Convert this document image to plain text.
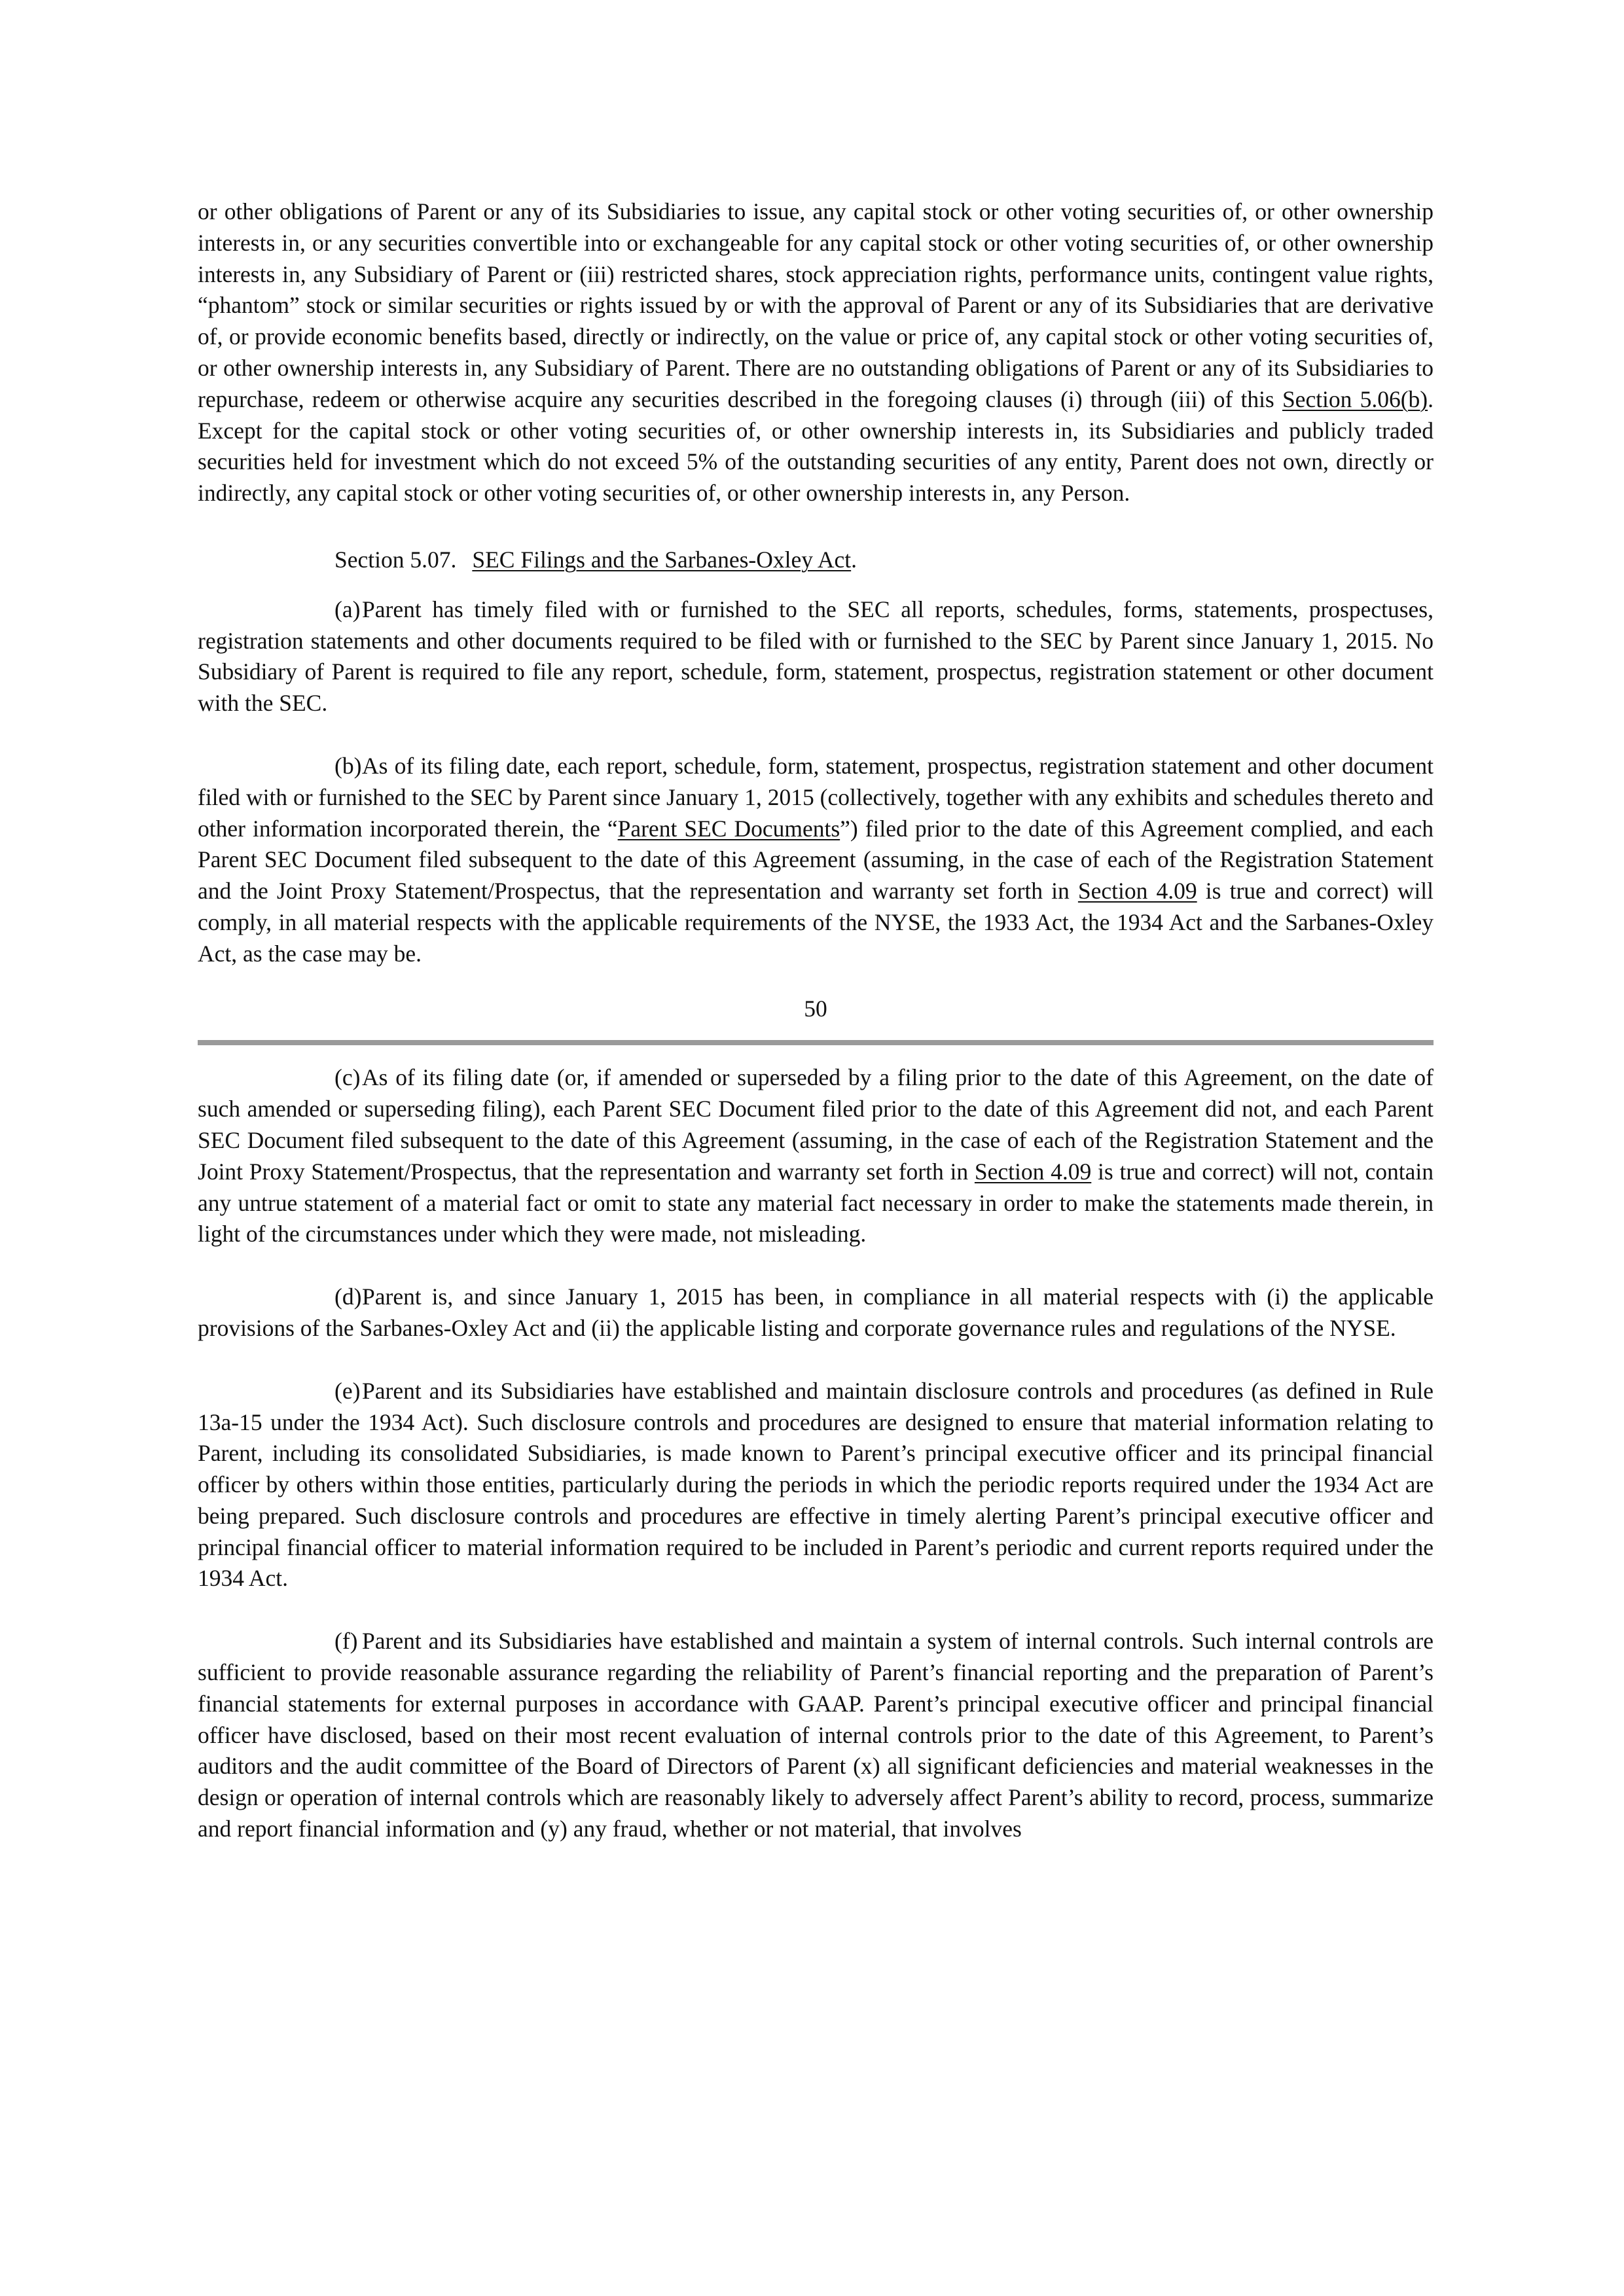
or other obligations of Parent or any of its Subsidiaries to issue, any capital stock or other voting securities of, or other ownership interests in, or any securities convertible into or exchangeable for any capital stock or other voting securities of, or other ownership interests in, any Subsidiary of Parent or (iii) restricted shares, stock appreciation rights, performance units, contingent value rights, “phantom” stock or similar securities or rights issued by or with the approval of Parent or any of its Subsidiaries that are derivative of, or provide economic benefits based, directly or indirectly, on the value or price of, any capital stock or other voting securities of, or other ownership interests in, any Subsidiary of Parent. There are no outstanding obligations of Parent or any of its Subsidiaries to repurchase, redeem or otherwise acquire any securities described in the foregoing clauses (i) through (iii) of this Section 5.06(b). Except for the capital stock or other voting securities of, or other ownership interests in, its Subsidiaries and publicly traded securities held for investment which do not exceed 5% of the outstanding securities of any entity, Parent does not own, directly or indirectly, any capital stock or other voting securities of, or other ownership interests in, any Person.

Section 5.07. SEC Filings and the Sarbanes-Oxley Act.

(a)Parent has timely filed with or furnished to the SEC all reports, schedules, forms, statements, prospectuses, registration statements and other documents required to be filed with or furnished to the SEC by Parent since January 1, 2015. No Subsidiary of Parent is required to file any report, schedule, form, statement, prospectus, registration statement or other document with the SEC.

(b)As of its filing date, each report, schedule, form, statement, prospectus, registration statement and other document filed with or furnished to the SEC by Parent since January 1, 2015 (collectively, together with any exhibits and schedules thereto and other information incorporated therein, the “Parent SEC Documents”) filed prior to the date of this Agreement complied, and each Parent SEC Document filed subsequent to the date of this Agreement (assuming, in the case of each of the Registration Statement and the Joint Proxy Statement/Prospectus, that the representation and warranty set forth in Section 4.09 is true and correct) will comply, in all material respects with the applicable requirements of the NYSE, the 1933 Act, the 1934 Act and the Sarbanes-Oxley Act, as the case may be.

50

(c)As of its filing date (or, if amended or superseded by a filing prior to the date of this Agreement, on the date of such amended or superseding filing), each Parent SEC Document filed prior to the date of this Agreement did not, and each Parent SEC Document filed subsequent to the date of this Agreement (assuming, in the case of each of the Registration Statement and the Joint Proxy Statement/Prospectus, that the representation and warranty set forth in Section 4.09 is true and correct) will not, contain any untrue statement of a material fact or omit to state any material fact necessary in order to make the statements made therein, in light of the circumstances under which they were made, not misleading.

(d)Parent is, and since January 1, 2015 has been, in compliance in all material respects with (i) the applicable provisions of the Sarbanes-Oxley Act and (ii) the applicable listing and corporate governance rules and regulations of the NYSE.

(e)Parent and its Subsidiaries have established and maintain disclosure controls and procedures (as defined in Rule 13a-15 under the 1934 Act). Such disclosure controls and procedures are designed to ensure that material information relating to Parent, including its consolidated Subsidiaries, is made known to Parent’s principal executive officer and its principal financial officer by others within those entities, particularly during the periods in which the periodic reports required under the 1934 Act are being prepared. Such disclosure controls and procedures are effective in timely alerting Parent’s principal executive officer and principal financial officer to material information required to be included in Parent’s periodic and current reports required under the 1934 Act.

(f) Parent and its Subsidiaries have established and maintain a system of internal controls. Such internal controls are sufficient to provide reasonable assurance regarding the reliability of Parent’s financial reporting and the preparation of Parent’s financial statements for external purposes in accordance with GAAP. Parent’s principal executive officer and principal financial officer have disclosed, based on their most recent evaluation of internal controls prior to the date of this Agreement, to Parent’s auditors and the audit committee of the Board of Directors of Parent (x) all significant deficiencies and material weaknesses in the design or operation of internal controls which are reasonably likely to adversely affect Parent’s ability to record, process, summarize and report financial information and (y) any fraud, whether or not material, that involves
